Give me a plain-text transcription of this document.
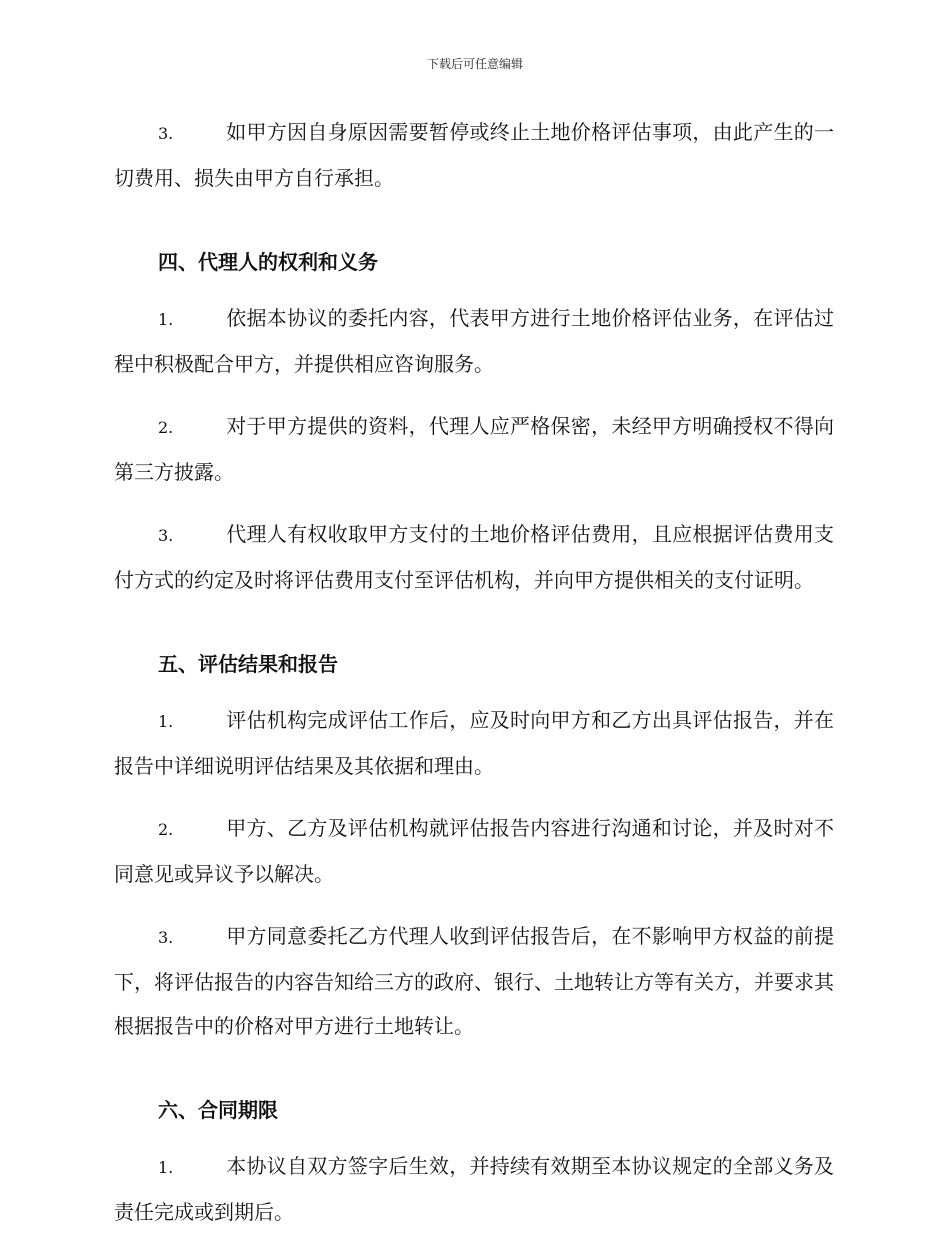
下载后可任意编辑

3.	如甲方因自身原因需要暂停或终止土地价格评估事项，由此产生的一切费用、损失由甲方自行承担。

四、代理人的权利和义务

1.	依据本协议的委托内容，代表甲方进行土地价格评估业务，在评估过程中积极配合甲方，并提供相应咨询服务。

2.	对于甲方提供的资料，代理人应严格保密，未经甲方明确授权不得向第三方披露。

3.	代理人有权收取甲方支付的土地价格评估费用，且应根据评估费用支付方式的约定及时将评估费用支付至评估机构，并向甲方提供相关的支付证明。

五、评估结果和报告

1.	评估机构完成评估工作后，应及时向甲方和乙方出具评估报告，并在报告中详细说明评估结果及其依据和理由。

2.	甲方、乙方及评估机构就评估报告内容进行沟通和讨论，并及时对不同意见或异议予以解决。

3.	甲方同意委托乙方代理人收到评估报告后，在不影响甲方权益的前提下，将评估报告的内容告知给三方的政府、银行、土地转让方等有关方，并要求其根据报告中的价格对甲方进行土地转让。

六、合同期限

1.	本协议自双方签字后生效，并持续有效期至本协议规定的全部义务及责任完成或到期后。
